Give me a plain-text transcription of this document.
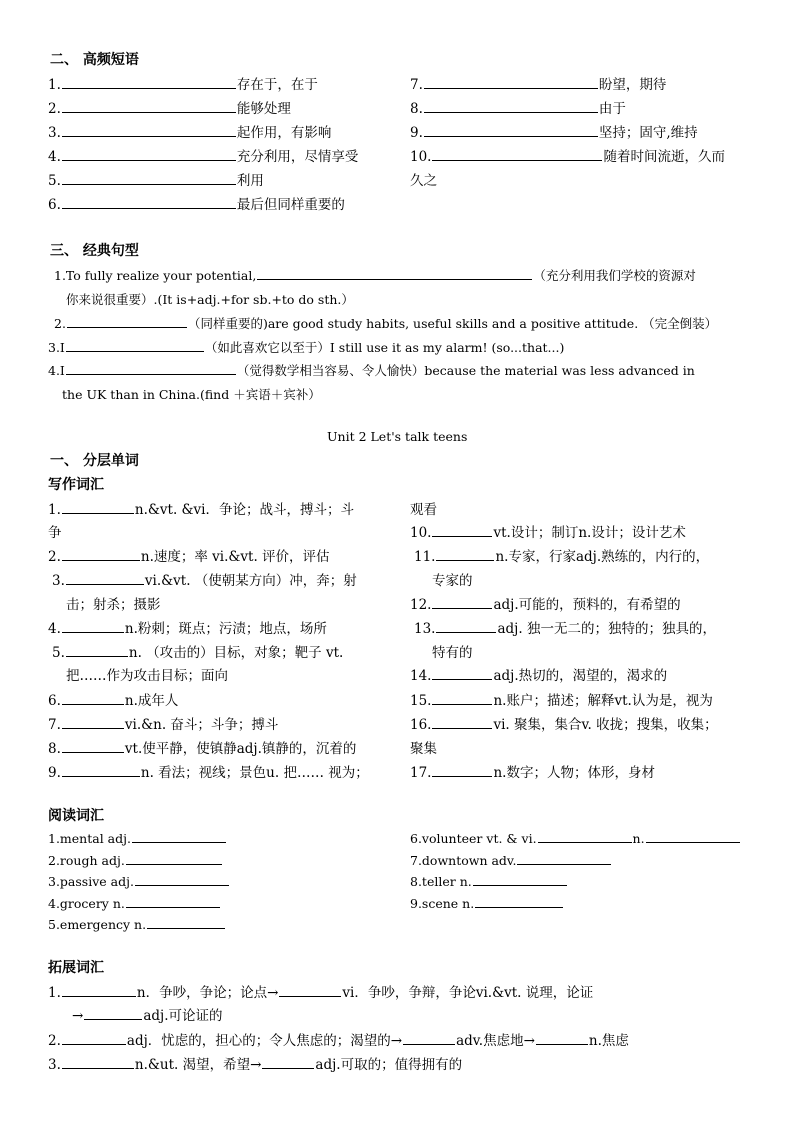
二、 高频短语
1.	存在于，在于
2.	能够处理
3.	起作用，有影响
4.	充分利用，尽情享受
5.	利用
6.	最后但同样重要的
7.	盼望，期待
8.	由于
9.	坚持；固守,维持
10.	随着时间流逝，久而
久之
三、 经典句型
1.To fully realize your potential,	（充分利用我们学校的资源对
你来说很重要）.(It is+adj.+for sb.+to do sth.）
2.	（同样重要的)are good study habits, useful skills and a positive attitude. （完全倒装）
3.I	（如此喜欢它以至于）I still use it as my alarm! (so...that...)
4.I	（觉得数学相当容易、令人愉快）because the material was less advanced in
the UK than in China.(find ＋宾语＋宾补）
Unit 2 Let's talk teens
一、 分层单词
写作词汇
1.	n.&vt. &vi．争论；战斗，搏斗；斗
争
2.	n.速度；率 vi.&vt. 评价，评估
3.	vi.&vt. （使朝某方向）冲，奔；射
击；射杀；摄影
4.	n.粉刺；斑点；污渍；地点，场所
5.	n. （攻击的）目标，对象；靶子 vt.
把……作为攻击目标；面向
6.	n.成年人
7.	vi.&n. 奋斗；斗争；搏斗
8.	vt.使平静，使镇静adj.镇静的，沉着的
9.	n. 看法；视线；景色u. 把…… 视为；
观看
10.	vt.设计；制订n.设计；设计艺术
11.	n.专家，行家adj.熟练的，内行的，
专家的
12.	adj.可能的，预料的，有希望的
13.	adj. 独一无二的；独特的；独具的，
特有的
14.	adj.热切的，渴望的，渴求的
15.	n.账户；描述；解释vt.认为是，视为
16.	vi. 聚集，集合v. 收拢；搜集，收集；
聚集
17.	n.数字；人物；体形，身材
阅读词汇
1.mental adj.
2.rough adj.
3.passive adj.
4.grocery n.
5.emergency n.
6.volunteer vt. & vi.	n.
7.downtown adv.
8.teller n.
9.scene n.
拓展词汇
1.	n．争吵，争论；论点→	vi．争吵，争辩，争论vi.&vt. 说理，论证
→	adj.可论证的
2.	adj．忧虑的，担心的；令人焦虑的；渴望的→	adv.焦虑地→	n.焦虑
3.	n.&ut. 渴望，希望→	adj.可取的；值得拥有的
